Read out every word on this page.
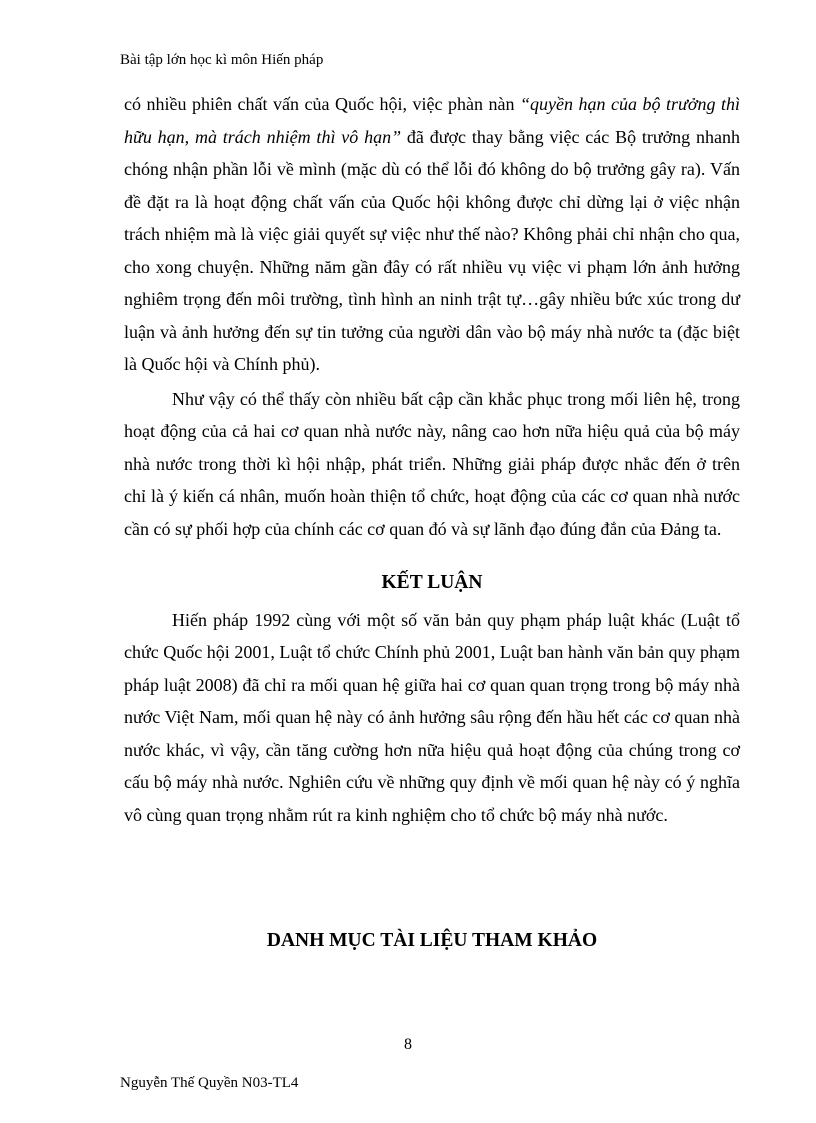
Bài tập lớn học kì môn Hiến pháp

có nhiều phiên chất vấn của Quốc hội, việc phàn nàn “quyền hạn của bộ trưởng thì hữu hạn, mà trách nhiệm thì vô hạn” đã được thay bằng việc các Bộ trưởng nhanh chóng nhận phần lỗi về mình (mặc dù có thể lỗi đó không do bộ trưởng gây ra). Vấn đề đặt ra là hoạt động chất vấn của Quốc hội không được chỉ dừng lại ở việc nhận trách nhiệm mà là việc giải quyết sự việc như thế nào? Không phải chỉ nhận cho qua, cho xong chuyện. Những năm gần đây có rất nhiều vụ việc vi phạm lớn ảnh hưởng nghiêm trọng đến môi trường, tình hình an ninh trật tự…gây nhiều bức xúc trong dư luận và ảnh hưởng đến sự tin tưởng của người dân vào bộ máy nhà nước ta (đặc biệt là Quốc hội và Chính phủ).

Như vậy có thể thấy còn nhiều bất cập cần khắc phục trong mối liên hệ, trong hoạt động của cả hai cơ quan nhà nước này, nâng cao hơn nữa hiệu quả của bộ máy nhà nước trong thời kì hội nhập, phát triển. Những giải pháp được nhắc đến ở trên chỉ là ý kiến cá nhân, muốn hoàn thiện tổ chức, hoạt động của các cơ quan nhà nước cần có sự phối hợp của chính các cơ quan đó và sự lãnh đạo đúng đắn của Đảng ta.

KẾT LUẬN

Hiến pháp 1992 cùng với một số văn bản quy phạm pháp luật khác (Luật tổ chức Quốc hội 2001, Luật tổ chức Chính phủ 2001, Luật ban hành văn bản quy phạm pháp luật 2008) đã chỉ ra mối quan hệ giữa hai cơ quan quan trọng trong bộ máy nhà nước Việt Nam, mối quan hệ này có ảnh hưởng sâu rộng đến hầu hết các cơ quan nhà nước khác, vì vậy, cần tăng cường hơn nữa hiệu quả hoạt động của chúng trong cơ cấu bộ máy nhà nước. Nghiên cứu về những quy định về mối quan hệ này có ý nghĩa vô cùng quan trọng nhằm rút ra kinh nghiệm cho tổ chức bộ máy nhà nước.

DANH MỤC TÀI LIỆU THAM KHẢO
8
Nguyễn Thế Quyền N03-TL4
